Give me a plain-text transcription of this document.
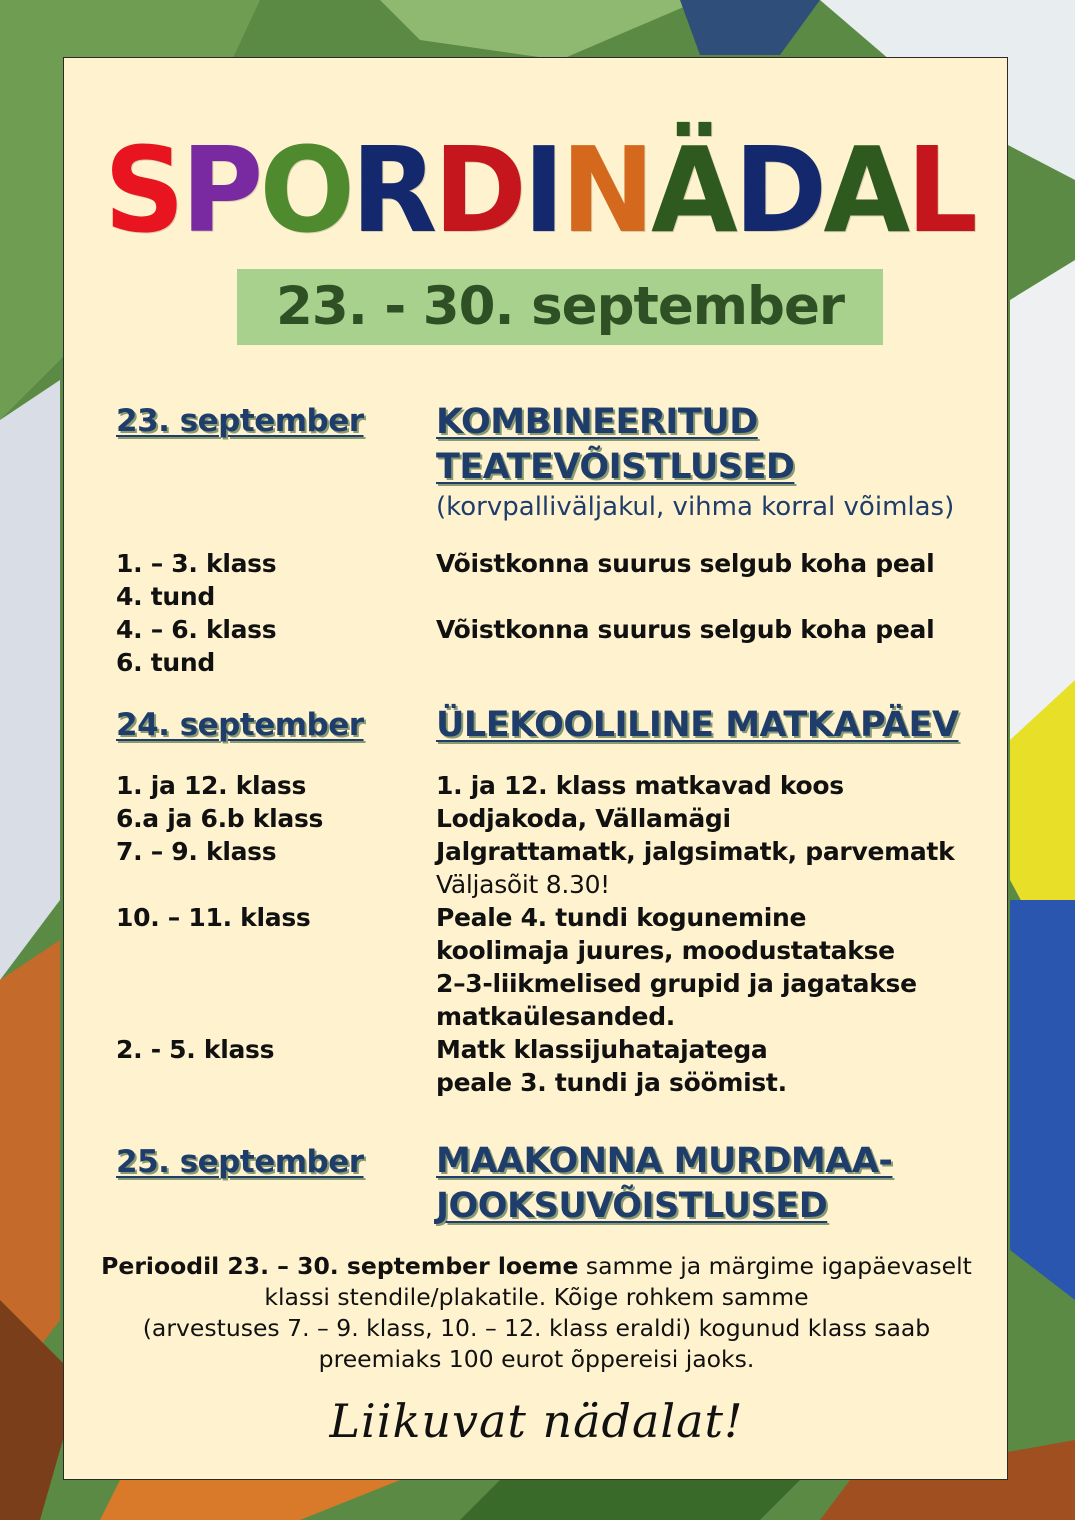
SPORDINÄDAL
23. - 30. september
23. september KOMBINEERITUD
TEATEVÕISTLUSED
(korvpalliväljakul, vihma korral võimlas)
1. – 3. klass	Võistkonna suurus selgub koha peal
4. tund
4. – 6. klass	Võistkonna suurus selgub koha peal
6. tund
24. september ÜLEKOOLILINE MATKAPÄEV
1. ja 12. klass	1. ja 12. klass matkavad koos
6.a ja 6.b klass	Lodjakoda, Vällamägi
7. – 9. klass	Jalgrattamatk, jalgsimatk, parvematk
Väljasõit 8.30!
10. – 11. klass	Peale 4. tundi kogunemine
koolimaja juures, moodustatakse
2–3-liikmelised grupid ja jagatakse
matkaülesanded.
2. - 5. klass	Matk klassijuhatajatega
peale 3. tundi ja söömist.
25. september MAAKONNA MURDMAA-
JOOKSUVÕISTLUSED
Perioodil 23. – 30. september loeme samme ja märgime igapäevaselt
klassi stendile/plakatile. Kõige rohkem samme
(arvestuses 7. – 9. klass, 10. – 12. klass eraldi) kogunud klass saab
preemiaks 100 eurot õppereisi jaoks.
Liikuvat nädalat!
